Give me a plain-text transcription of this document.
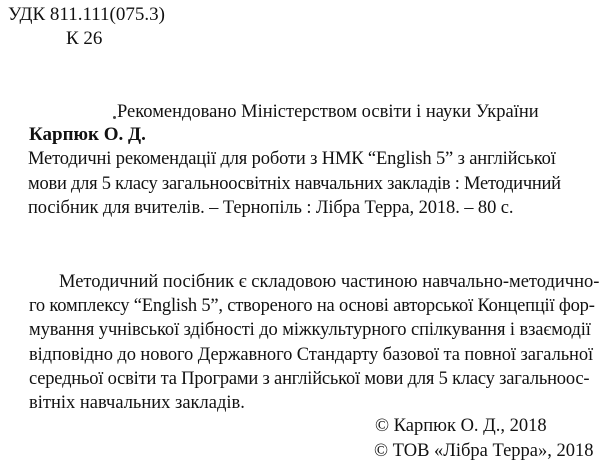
УДК 811.111(075.3)
К 26
Рекомендовано Міністерством освіти і науки України
Карпюк О. Д.
Методичні рекомендації для роботи з НМК “English 5” з англійської
мови для 5 класу загальноосвітніх навчальних закладів : Методичний
посібник для вчителів. – Тернопіль : Лібра Терра, 2018. – 80 с.
Методичний посібник є складовою частиною навчально-методично-
го комплексу “English 5”, створеного на основі авторської Концепції фор-
мування учнівської здібності до міжкультурного спілкування і взаємодії
відповідно до нового Державного Стандарту базової та повної загальної
середньої освіти та Програми з англійської мови для 5 класу загальноос-
вітніх навчальних закладів.
© Карпюк О. Д., 2018
© ТОВ «Лібра Терра», 2018
